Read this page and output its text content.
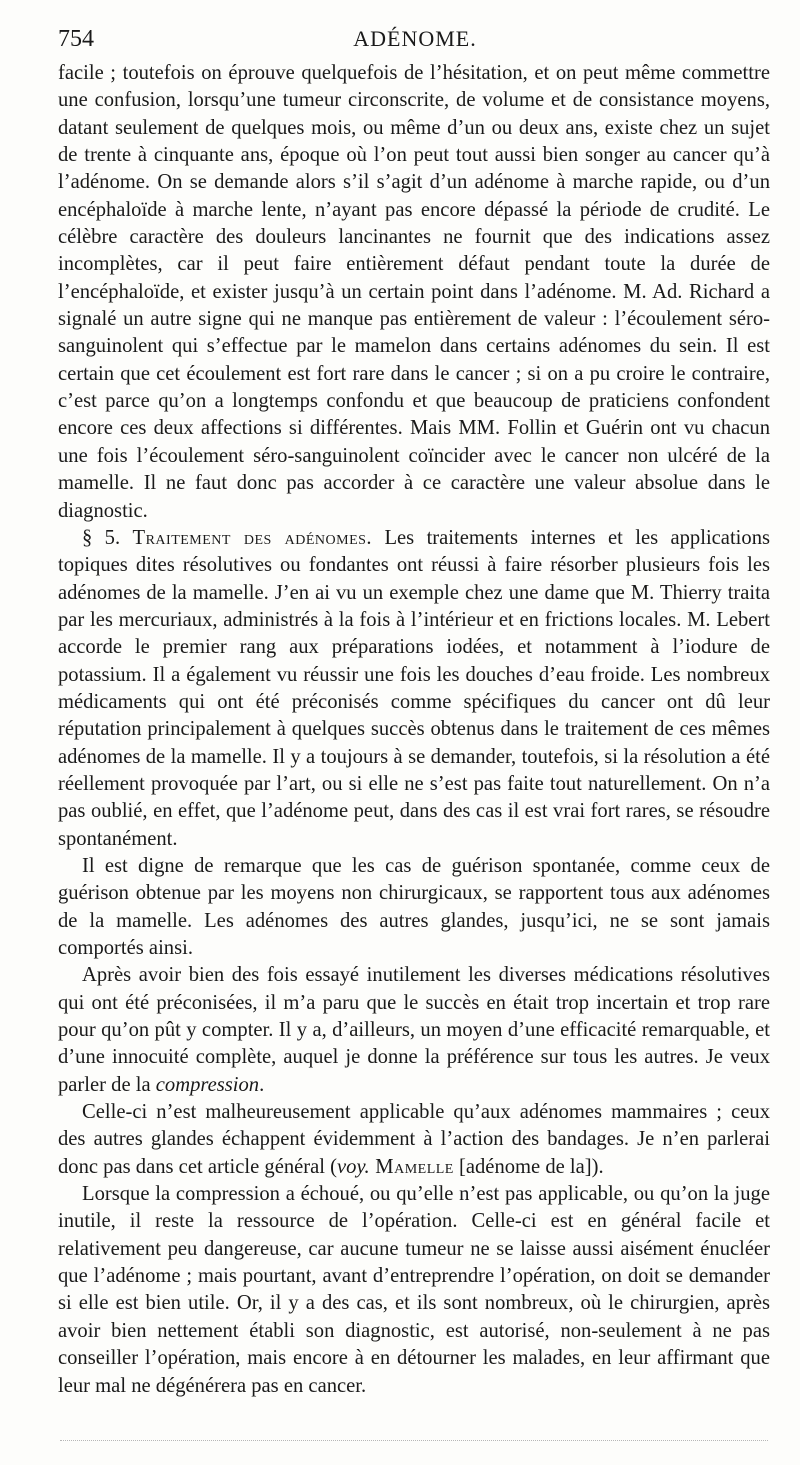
754	ADÉNOME.

facile ; toutefois on éprouve quelquefois de l’hésitation, et on peut même commettre une confusion, lorsqu’une tumeur circonscrite, de volume et de consistance moyens, datant seulement de quelques mois, ou même d’un ou deux ans, existe chez un sujet de trente à cinquante ans, époque où l’on peut tout aussi bien songer au cancer qu’à l’adénome. On se demande alors s’il s’agit d’un adénome à marche rapide, ou d’un encéphaloïde à marche lente, n’ayant pas encore dépassé la période de crudité. Le célèbre caractère des douleurs lancinantes ne fournit que des indications assez incomplètes, car il peut faire entièrement défaut pendant toute la durée de l’encéphaloïde, et exister jusqu’à un certain point dans l’adénome. M. Ad. Richard a signalé un autre signe qui ne manque pas entièrement de valeur : l’écoulement séro-sanguinolent qui s’effectue par le mamelon dans certains adénomes du sein. Il est certain que cet écoulement est fort rare dans le cancer ; si on a pu croire le contraire, c’est parce qu’on a longtemps confondu et que beaucoup de praticiens confondent encore ces deux affections si différentes. Mais MM. Follin et Guérin ont vu chacun une fois l’écoulement séro-sanguinolent coïncider avec le cancer non ulcéré de la mamelle. Il ne faut donc pas accorder à ce caractère une valeur absolue dans le diagnostic.

§ 5. Traitement des adénomes. Les traitements internes et les applications topiques dites résolutives ou fondantes ont réussi à faire résorber plusieurs fois les adénomes de la mamelle. J’en ai vu un exemple chez une dame que M. Thierry traita par les mercuriaux, administrés à la fois à l’intérieur et en frictions locales. M. Lebert accorde le premier rang aux préparations iodées, et notamment à l’iodure de potassium. Il a également vu réussir une fois les douches d’eau froide. Les nombreux médicaments qui ont été préconisés comme spécifiques du cancer ont dû leur réputation principalement à quelques succès obtenus dans le traitement de ces mêmes adénomes de la mamelle. Il y a toujours à se demander, toutefois, si la résolution a été réellement provoquée par l’art, ou si elle ne s’est pas faite tout naturellement. On n’a pas oublié, en effet, que l’adénome peut, dans des cas il est vrai fort rares, se résoudre spontanément.

Il est digne de remarque que les cas de guérison spontanée, comme ceux de guérison obtenue par les moyens non chirurgicaux, se rapportent tous aux adénomes de la mamelle. Les adénomes des autres glandes, jusqu’ici, ne se sont jamais comportés ainsi.

Après avoir bien des fois essayé inutilement les diverses médications résolutives qui ont été préconisées, il m’a paru que le succès en était trop incertain et trop rare pour qu’on pût y compter. Il y a, d’ailleurs, un moyen d’une efficacité remarquable, et d’une innocuité complète, auquel je donne la préférence sur tous les autres. Je veux parler de la compression.

Celle-ci n’est malheureusement applicable qu’aux adénomes mammaires ; ceux des autres glandes échappent évidemment à l’action des bandages. Je n’en parlerai donc pas dans cet article général (voy. Mamelle [adénome de la]).

Lorsque la compression a échoué, ou qu’elle n’est pas applicable, ou qu’on la juge inutile, il reste la ressource de l’opération. Celle-ci est en général facile et relativement peu dangereuse, car aucune tumeur ne se laisse aussi aisément énucléer que l’adénome ; mais pourtant, avant d’entreprendre l’opération, on doit se demander si elle est bien utile. Or, il y a des cas, et ils sont nombreux, où le chirurgien, après avoir bien nettement établi son diagnostic, est autorisé, non-seulement à ne pas conseiller l’opération, mais encore à en détourner les malades, en leur affirmant que leur mal ne dégénérera pas en cancer.
